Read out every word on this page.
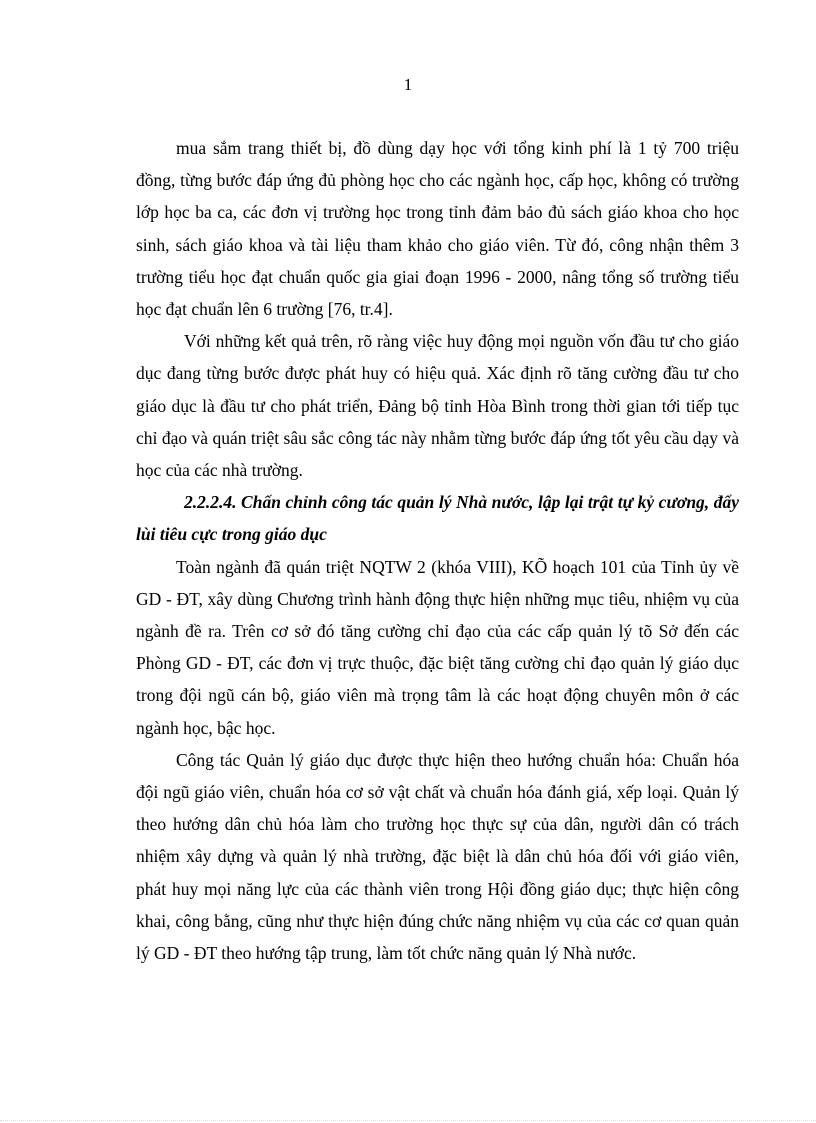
1

mua sắm trang thiết bị, đồ dùng dạy học với tổng kinh phí là 1 tỷ 700 triệu đồng, từng bước đáp ứng đủ phòng học cho các ngành học, cấp học, không có trường lớp học ba ca, các đơn vị trường học trong tỉnh đảm bảo đủ sách giáo khoa cho học sinh, sách giáo khoa và tài liệu tham khảo cho giáo viên. Từ đó, công nhận thêm 3 trường tiểu học đạt chuẩn quốc gia giai đoạn 1996 - 2000, nâng tổng số trường tiểu học đạt chuẩn lên 6 trường [76, tr.4].

Với những kết quả trên, rõ ràng việc huy động mọi nguồn vốn đầu tư cho giáo dục đang từng bước được phát huy có hiệu quả. Xác định rõ tăng cường đầu tư cho giáo dục là đầu tư cho phát triển, Đảng bộ tỉnh Hòa Bình trong thời gian tới tiếp tục chỉ đạo và quán triệt sâu sắc công tác này nhằm từng bước đáp ứng tốt yêu cầu dạy và học của các nhà trường.

2.2.2.4. Chấn chỉnh công tác quản lý Nhà nước, lập lại trật tự kỷ cương, đẩy lùi tiêu cực trong giáo dục

Toàn ngành đã quán triệt NQTW 2 (khóa VIII), KÕ hoạch 101 của Tỉnh ủy về GD - ĐT, xây dùng Chương trình hành động thực hiện những mục tiêu, nhiệm vụ của ngành đề ra. Trên cơ sở đó tăng cường chỉ đạo của các cấp quản lý tõ Sở đến các Phòng GD - ĐT, các đơn vị trực thuộc, đặc biệt tăng cường chỉ đạo quản lý giáo dục trong đội ngũ cán bộ, giáo viên mà trọng tâm là các hoạt động chuyên môn ở các ngành học, bậc học.

Công tác Quản lý giáo dục được thực hiện theo hướng chuẩn hóa: Chuẩn hóa đội ngũ giáo viên, chuẩn hóa cơ sở vật chất và chuẩn hóa đánh giá, xếp loại. Quản lý theo hướng dân chủ hóa làm cho trường học thực sự của dân, người dân có trách nhiệm xây dựng và quản lý nhà trường, đặc biệt là dân chủ hóa đối với giáo viên, phát huy mọi năng lực của các thành viên trong Hội đồng giáo dục; thực hiện công khai, công bằng, cũng như thực hiện đúng chức năng nhiệm vụ của các cơ quan quản lý GD - ĐT theo hướng tập trung, làm tốt chức năng quản lý Nhà nước.
